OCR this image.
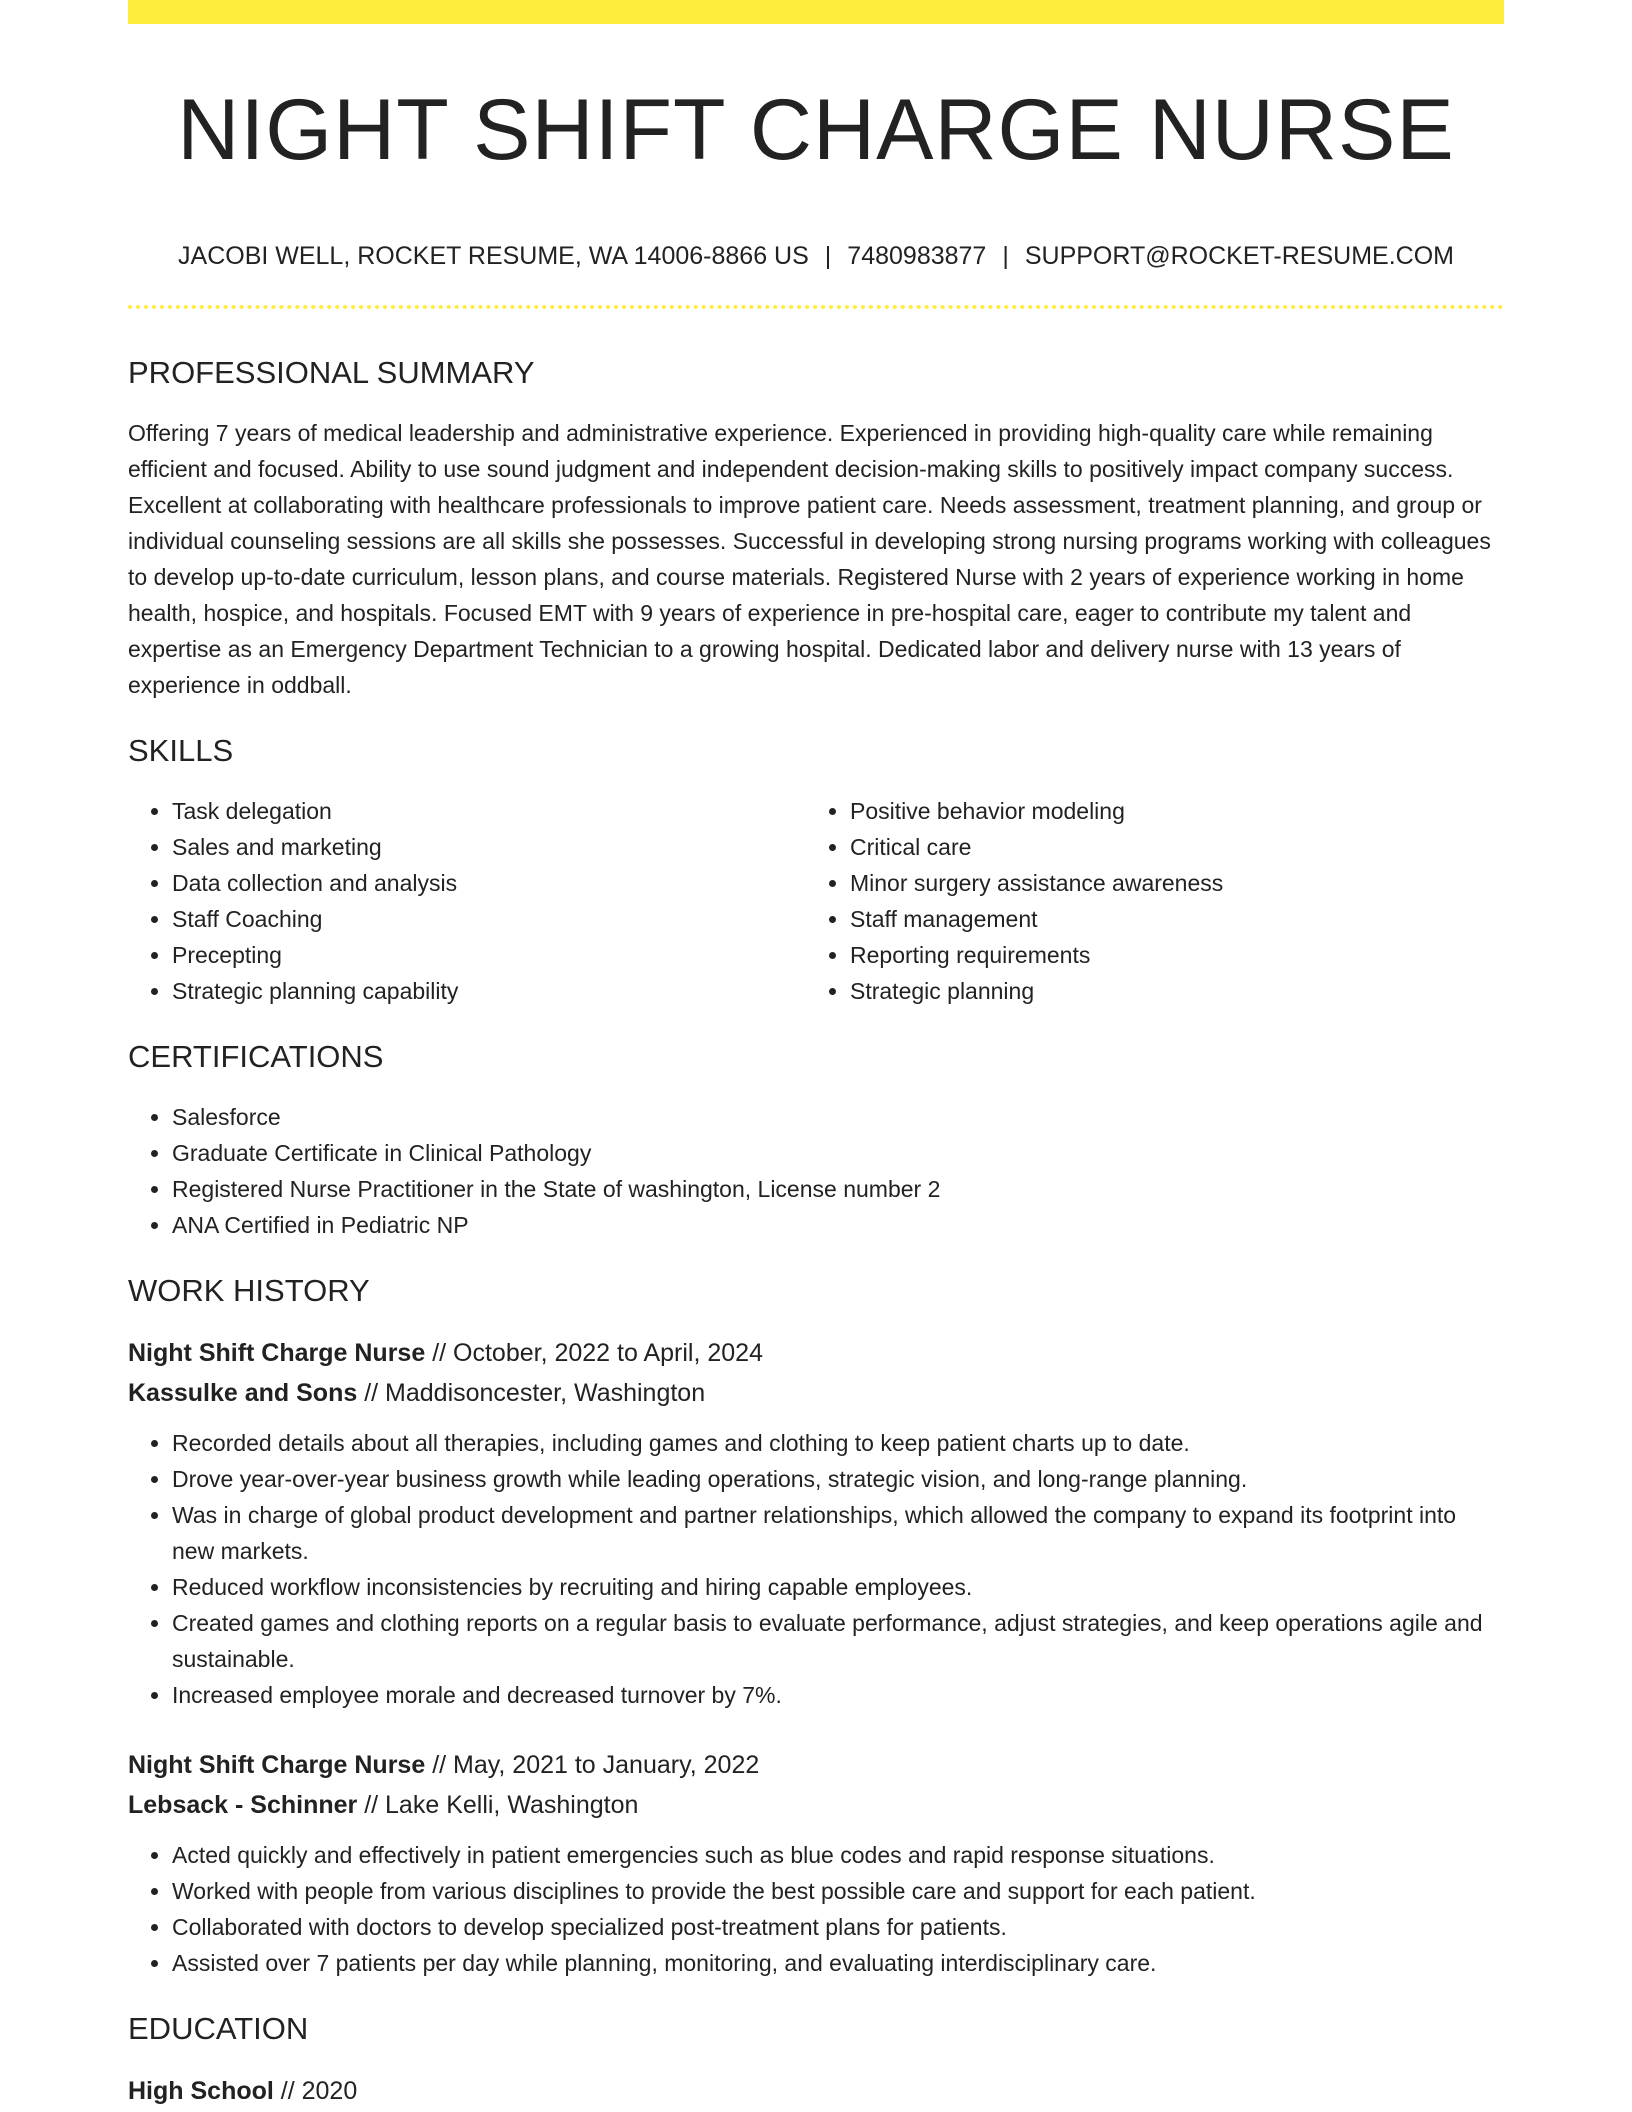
NIGHT SHIFT CHARGE NURSE
JACOBI WELL, ROCKET RESUME, WA 14006-8866 US | 7480983877 | SUPPORT@ROCKET-RESUME.COM
PROFESSIONAL SUMMARY
Offering 7 years of medical leadership and administrative experience. Experienced in providing high-quality care while remaining efficient and focused. Ability to use sound judgment and independent decision-making skills to positively impact company success. Excellent at collaborating with healthcare professionals to improve patient care. Needs assessment, treatment planning, and group or individual counseling sessions are all skills she possesses. Successful in developing strong nursing programs working with colleagues to develop up-to-date curriculum, lesson plans, and course materials. Registered Nurse with 2 years of experience working in home health, hospice, and hospitals. Focused EMT with 9 years of experience in pre-hospital care, eager to contribute my talent and expertise as an Emergency Department Technician to a growing hospital. Dedicated labor and delivery nurse with 13 years of experience in oddball.
SKILLS
• Task delegation
• Sales and marketing
• Data collection and analysis
• Staff Coaching
• Precepting
• Strategic planning capability
• Positive behavior modeling
• Critical care
• Minor surgery assistance awareness
• Staff management
• Reporting requirements
• Strategic planning
CERTIFICATIONS
• Salesforce
• Graduate Certificate in Clinical Pathology
• Registered Nurse Practitioner in the State of washington, License number 2
• ANA Certified in Pediatric NP
WORK HISTORY
Night Shift Charge Nurse // October, 2022 to April, 2024
Kassulke and Sons // Maddisoncester, Washington
• Recorded details about all therapies, including games and clothing to keep patient charts up to date.
• Drove year-over-year business growth while leading operations, strategic vision, and long-range planning.
• Was in charge of global product development and partner relationships, which allowed the company to expand its footprint into new markets.
• Reduced workflow inconsistencies by recruiting and hiring capable employees.
• Created games and clothing reports on a regular basis to evaluate performance, adjust strategies, and keep operations agile and sustainable.
• Increased employee morale and decreased turnover by 7%.
Night Shift Charge Nurse // May, 2021 to January, 2022
Lebsack - Schinner // Lake Kelli, Washington
• Acted quickly and effectively in patient emergencies such as blue codes and rapid response situations.
• Worked with people from various disciplines to provide the best possible care and support for each patient.
• Collaborated with doctors to develop specialized post-treatment plans for patients.
• Assisted over 7 patients per day while planning, monitoring, and evaluating interdisciplinary care.
EDUCATION
High School // 2020
